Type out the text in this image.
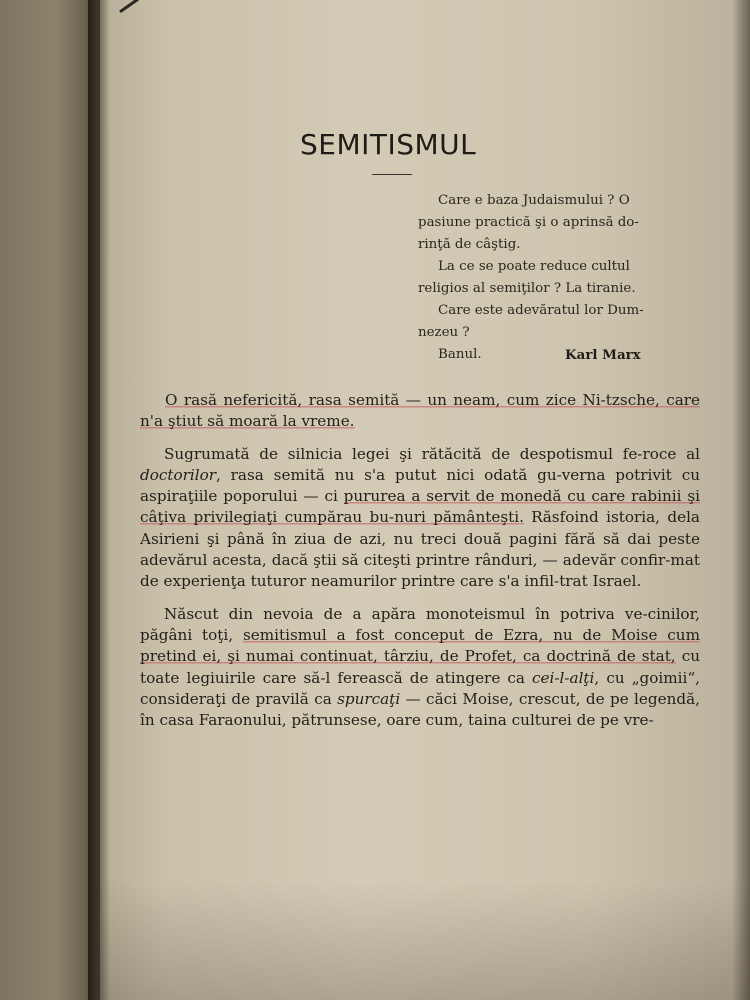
SEMITISMUL

Care e baza Judaismului ? O

pasiune practică şi o aprinsă do-

rinţă de câştig.

La ce se poate reduce cultul

religios al semiţilor ? La tiranie.

Care este adevăratul lor Dum-

nezeu ?

Banul.	Karl Marx

O rasă nefericită, rasa semită — un neam, cum zice Ni-tzsche, care n'a ştiut să moară la vreme.

Sugrumată de silnicia legei şi rătăcită de despotismul fe-roce al doctorilor, rasa semită nu s'a putut nici odată gu-verna potrivit cu aspiraţiile poporului — ci pururea a servit de monedă cu care rabinii şi câţiva privilegiaţi cumpărau bu-nuri pământeşti. Răsfoind istoria, dela Asirieni şi până în ziua de azi, nu treci două pagini fără să dai peste adevărul acesta, dacă ştii să citeşti printre rânduri, — adevăr confir-mat de experienţa tuturor neamurilor printre care s'a infil-trat Israel.

Născut din nevoia de a apăra monoteismul în potriva ve-cinilor, păgâni toţi, semitismul a fost conceput de Ezra, nu de Moise cum pretind ei, şi numai continuat, târziu, de Profet, ca doctrină de stat, cu toate legiuirile care să-l ferească de atingere ca cei-l-alţi, cu „goimii“, consideraţi de pravilă ca spurcaţi — căci Moise, crescut, de pe legendă, în casa Faraonului, pătrunsese, oare cum, taina culturei de pe vre-
